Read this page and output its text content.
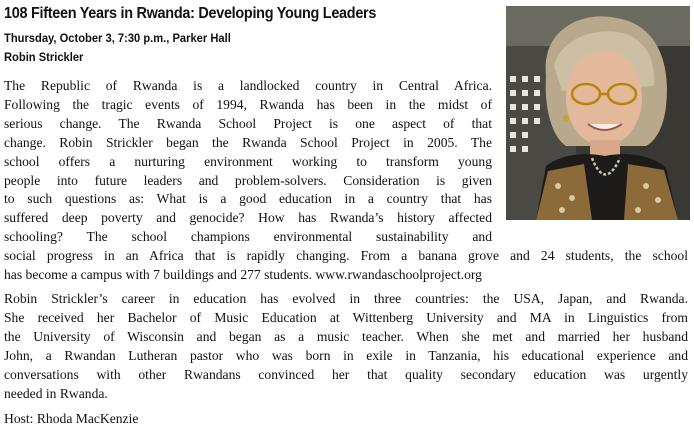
108 Fifteen Years in Rwanda: Developing Young Leaders
Thursday, October 3, 7:30 p.m., Parker Hall
Robin Strickler
The Republic of Rwanda is a landlocked country in Central Africa.
Following the tragic events of 1994, Rwanda has been in the midst of
serious change. The Rwanda School Project is one aspect of that
change. Robin Strickler began the Rwanda School Project in 2005. The
school offers a nurturing environment working to transform young
people into future leaders and problem-solvers. Consideration is given
to such questions as: What is a good education in a country that has
suffered deep poverty and genocide? How has Rwanda’s history affected
schooling? The school champions environmental sustainability and
social progress in an Africa that is rapidly changing. From a banana grove and 24 students, the school
has become a campus with 7 buildings and 277 students. www.rwandaschoolproject.org
Robin Strickler’s career in education has evolved in three countries: the USA, Japan, and Rwanda.
She received her Bachelor of Music Education at Wittenberg University and MA in Linguistics from
the University of Wisconsin and began as a music teacher. When she met and married her husband
John, a Rwandan Lutheran pastor who was born in exile in Tanzania, his educational experience and
conversations with other Rwandans convinced her that quality secondary education was urgently
needed in Rwanda.
Host: Rhoda MacKenzie
